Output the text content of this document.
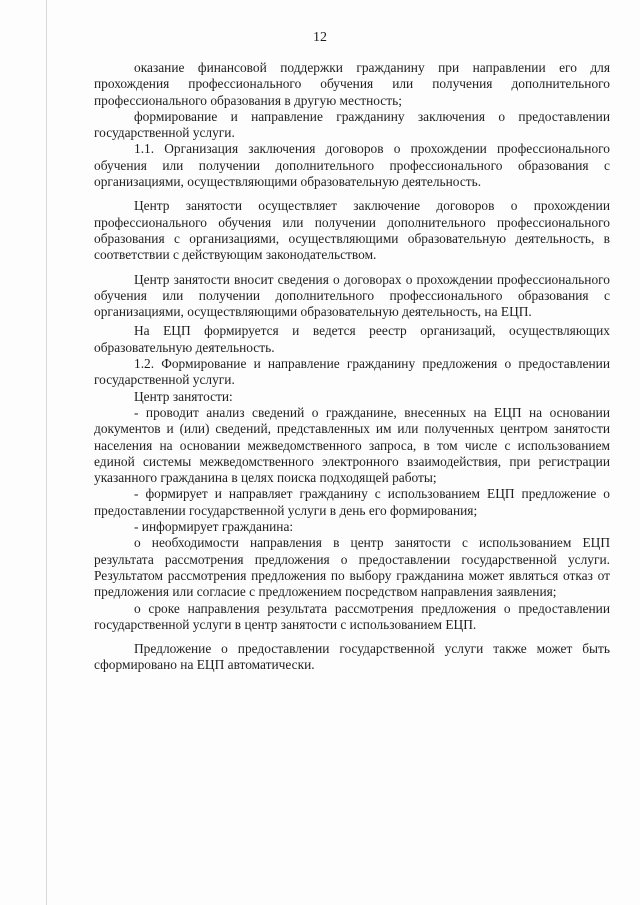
12

оказание финансовой поддержки гражданину при направлении его для прохождения профессионального обучения или получения дополнительного профессионального образования в другую местность;

формирование и направление гражданину заключения о предоставлении государственной услуги.

1.1. Организация заключения договоров о прохождении профессионального обучения или получении дополнительного профессионального образования с организациями, осуществляющими образовательную деятельность.

Центр занятости осуществляет заключение договоров о прохождении профессионального обучения или получении дополнительного профессионального образования с организациями, осуществляющими образовательную деятельность, в соответствии с действующим законодательством.

Центр занятости вносит сведения о договорах о прохождении профессионального обучения или получении дополнительного профессионального образования с организациями, осуществляющими образовательную деятельность, на ЕЦП.

На ЕЦП формируется и ведется реестр организаций, осуществляющих образовательную деятельность.

1.2. Формирование и направление гражданину предложения о предоставлении государственной услуги.

Центр занятости:

- проводит анализ сведений о гражданине, внесенных на ЕЦП на основании документов и (или) сведений, представленных им или полученных центром занятости населения на основании межведомственного запроса, в том числе с использованием единой системы межведомственного электронного взаимодействия, при регистрации указанного гражданина в целях поиска подходящей работы;

- формирует и направляет гражданину с использованием ЕЦП предложение о предоставлении государственной услуги в день его формирования;

- информирует гражданина:

о необходимости направления в центр занятости с использованием ЕЦП результата рассмотрения предложения о предоставлении государственной услуги. Результатом рассмотрения предложения по выбору гражданина может являться отказ от предложения или согласие с предложением посредством направления заявления;

о сроке направления результата рассмотрения предложения о предоставлении государственной услуги в центр занятости с использованием ЕЦП.

Предложение о предоставлении государственной услуги также может быть сформировано на ЕЦП автоматически.
